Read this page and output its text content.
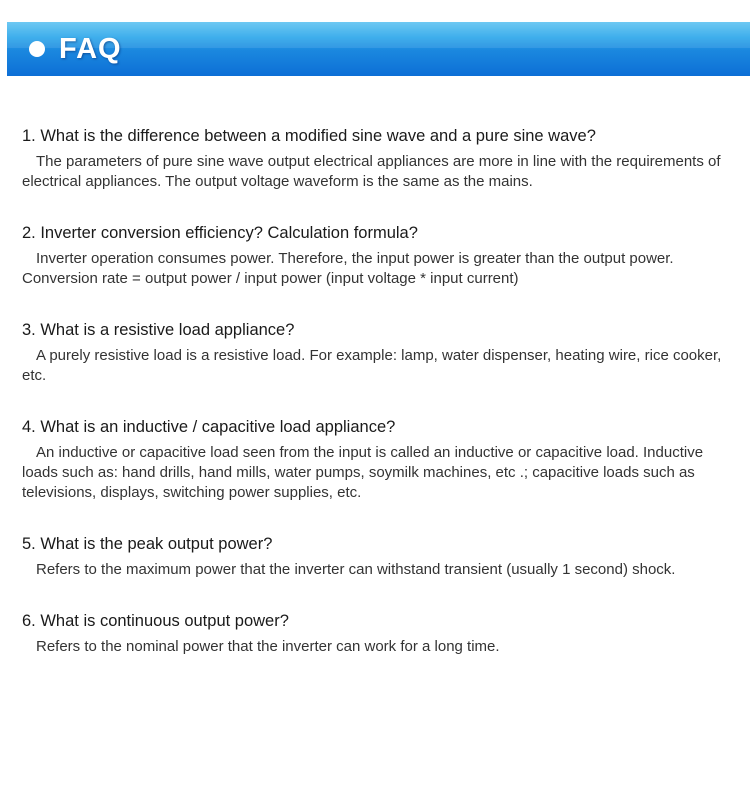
FAQ
1. What is the difference between a modified sine wave and a pure sine wave?

The parameters of pure sine wave output electrical appliances are more in line with the requirements of electrical appliances. The output voltage waveform is the same as the mains.

2. Inverter conversion efficiency? Calculation formula?

Inverter operation consumes power. Therefore, the input power is greater than the output power. Conversion rate = output power / input power (input voltage * input current)

3. What is a resistive load appliance?

A purely resistive load is a resistive load. For example: lamp, water dispenser, heating wire, rice cooker, etc.

4. What is an inductive / capacitive load appliance?

An inductive or capacitive load seen from the input is called an inductive or capacitive load. Inductive loads such as: hand drills, hand mills, water pumps, soymilk machines, etc .; capacitive loads such as televisions, displays, switching power supplies, etc.

5. What is the peak output power?

Refers to the maximum power that the inverter can withstand transient (usually 1 second) shock.

6. What is continuous output power?

Refers to the nominal power that the inverter can work for a long time.
